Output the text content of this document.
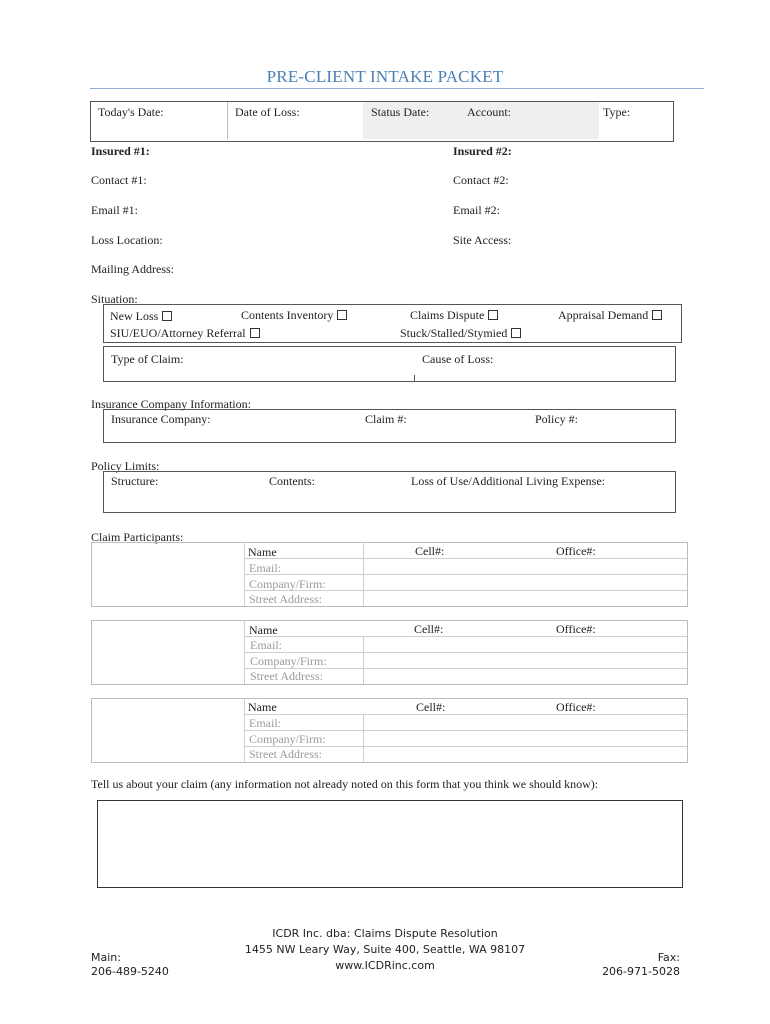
PRE-CLIENT INTAKE PACKET
Today's Date:	Date of Loss:	Status Date:	Account:	Type:
Insured #1:	Insured #2:
Contact #1:	Contact #2:
Email #1:	Email #2:
Loss Location:	Site Access:
Mailing Address:
Situation:
New Loss	Contents Inventory	Claims Dispute	Appraisal Demand
SIU/EUO/Attorney Referral	Stuck/Stalled/Stymied
Type of Claim:	Cause of Loss:
Insurance Company Information:
Insurance Company:	Claim #:	Policy #:
Policy Limits:
Structure:	Contents:	Loss of Use/Additional Living Expense:
Claim Participants:
Name	Cell#:	Office#:
Email:
Company/Firm:
Street Address:
Name	Cell#:	Office#:
Email:
Company/Firm:
Street Address:
Name	Cell#:	Office#:
Email:
Company/Firm:
Street Address:
Tell us about your claim (any information not already noted on this form that you think we should know):
ICDR Inc. dba: Claims Dispute Resolution
1455 NW Leary Way, Suite 400, Seattle, WA 98107
www.ICDRinc.com
Main:
206-489-5240
Fax:
206-971-5028
